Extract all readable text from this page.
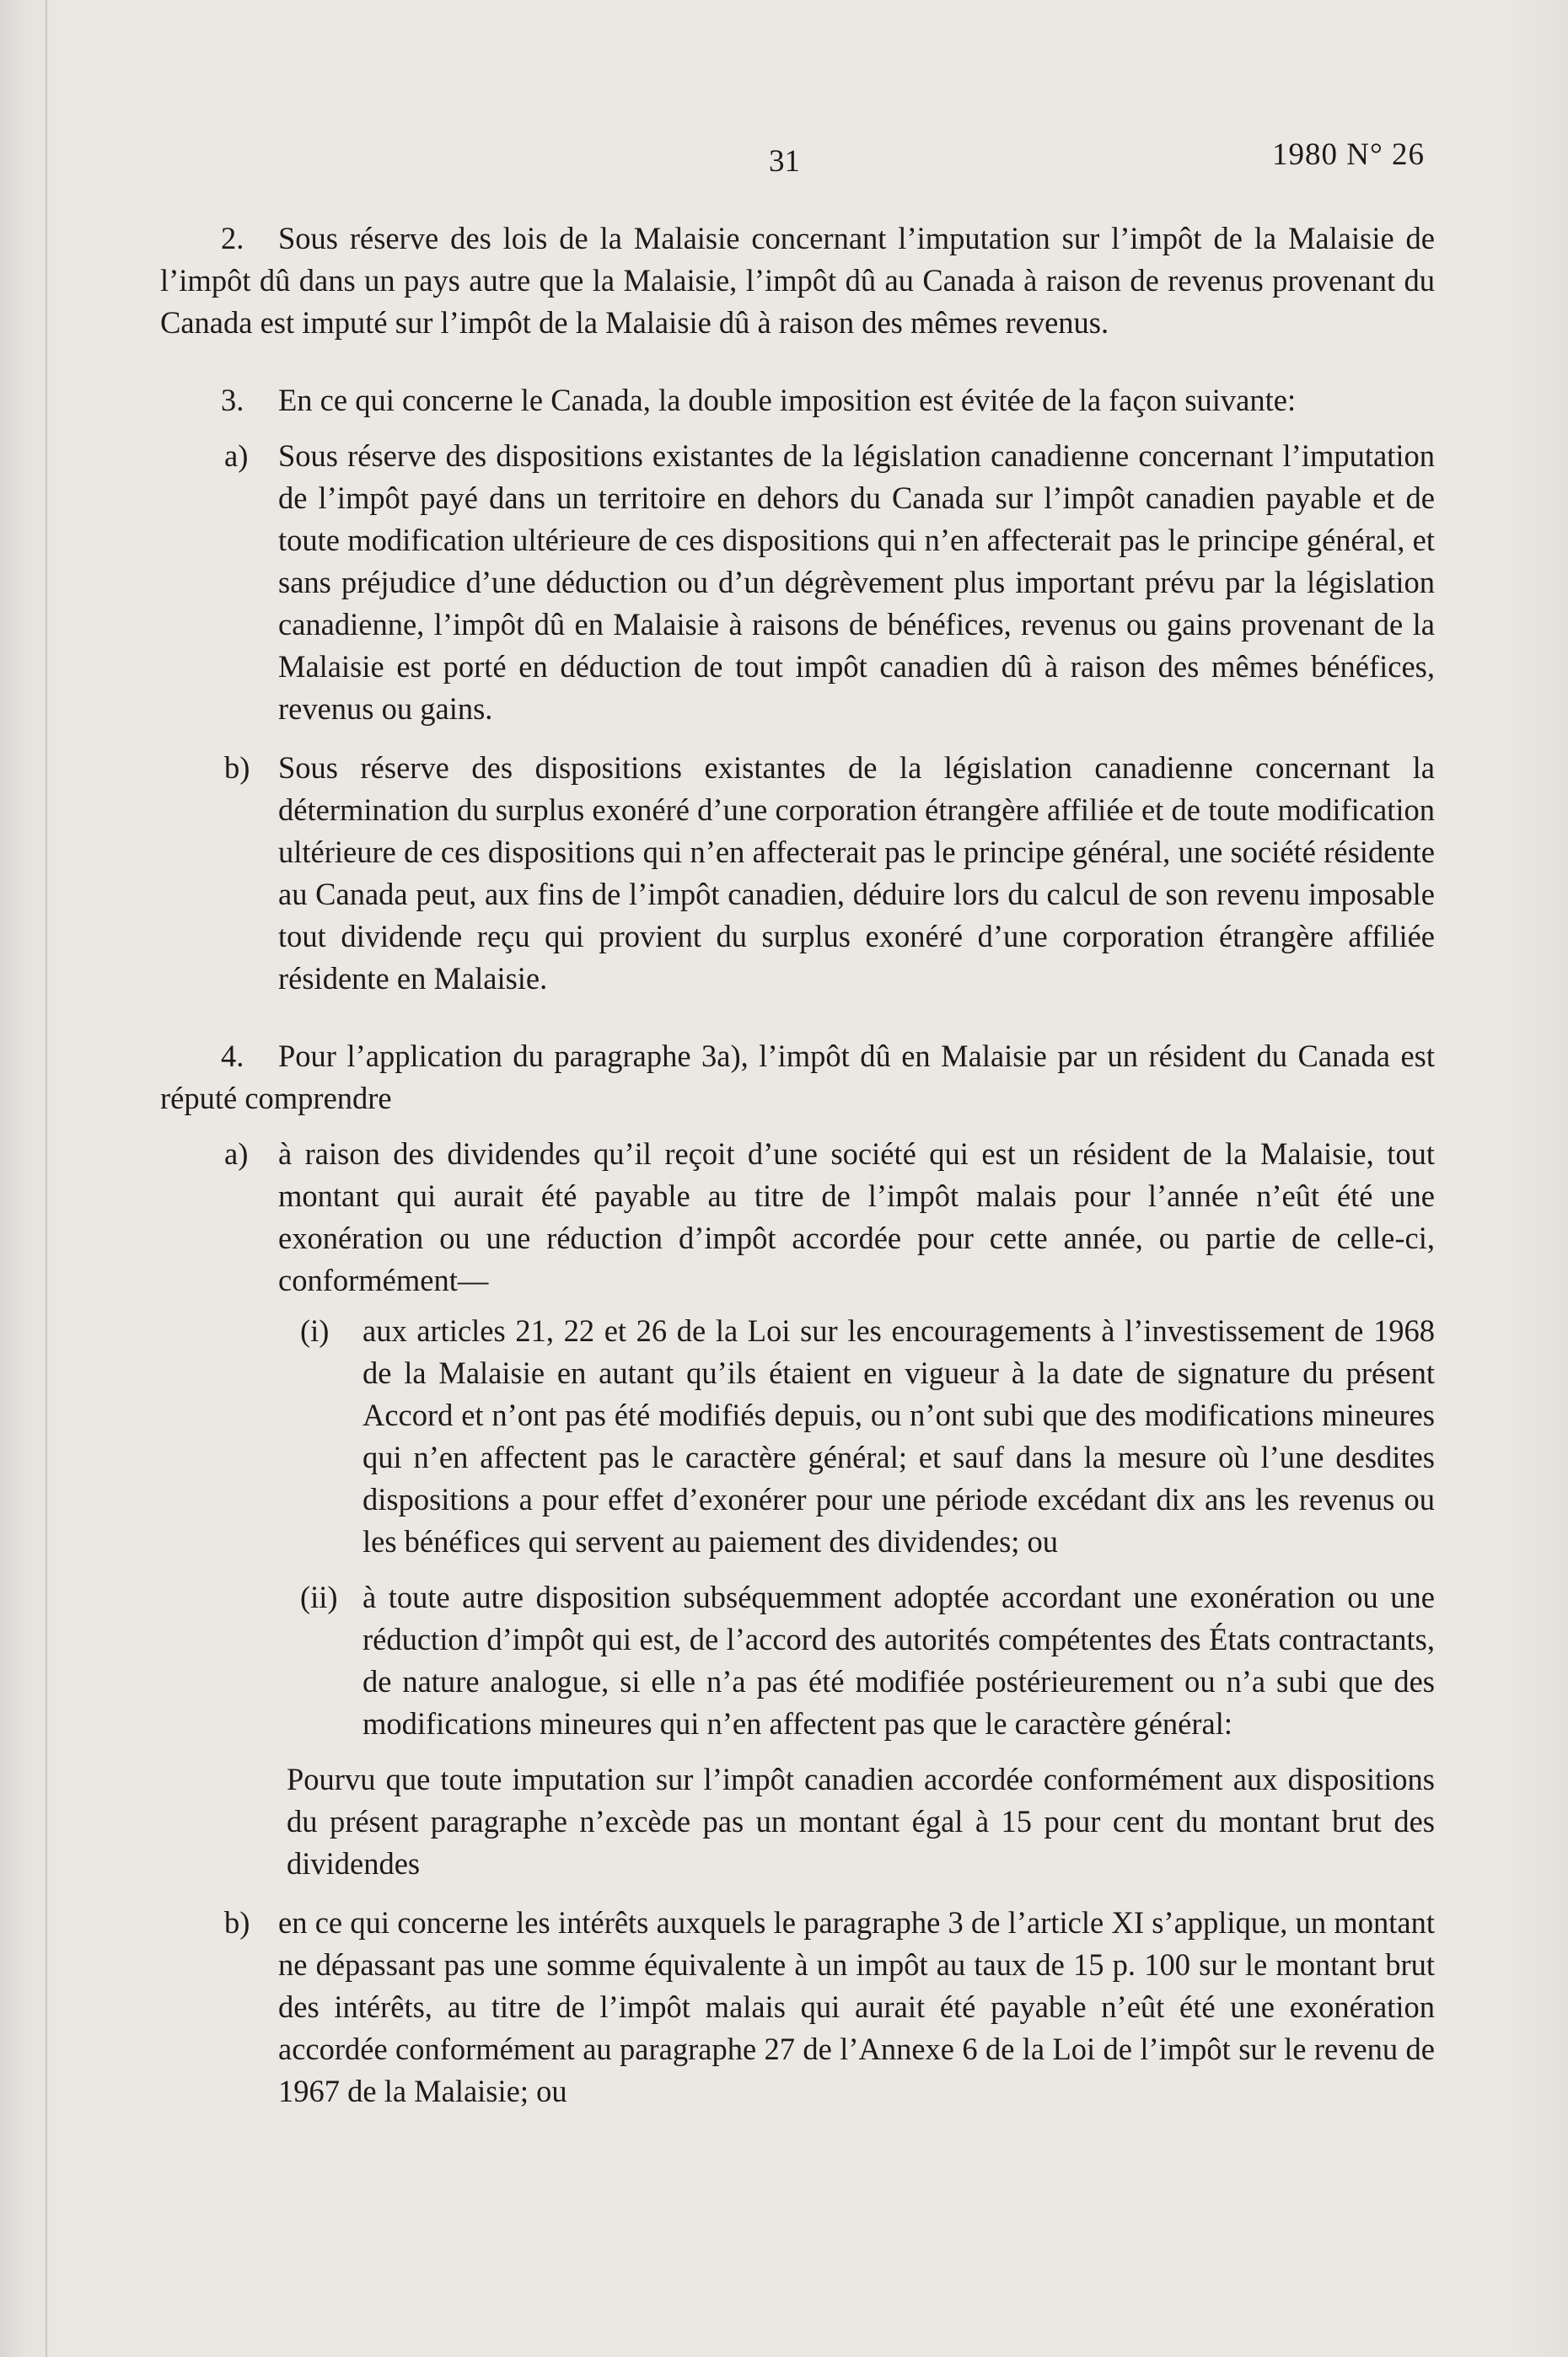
31	1980 N° 26

2. Sous réserve des lois de la Malaisie concernant l’imputation sur l’impôt de la Malaisie de l’impôt dû dans un pays autre que la Malaisie, l’impôt dû au Canada à raison de revenus provenant du Canada est imputé sur l’impôt de la Malaisie dû à raison des mêmes revenus.

3. En ce qui concerne le Canada, la double imposition est évitée de la façon suivante:

a) Sous réserve des dispositions existantes de la législation canadienne concernant l’imputation de l’impôt payé dans un territoire en dehors du Canada sur l’impôt canadien payable et de toute modification ultérieure de ces dispositions qui n’en affecterait pas le principe général, et sans préjudice d’une déduction ou d’un dégrèvement plus important prévu par la législation canadienne, l’impôt dû en Malaisie à raisons de bénéfices, revenus ou gains provenant de la Malaisie est porté en déduction de tout impôt canadien dû à raison des mêmes bénéfices, revenus ou gains.
b) Sous réserve des dispositions existantes de la législation canadienne concernant la détermination du surplus exonéré d’une corporation étrangère affiliée et de toute modification ultérieure de ces dispositions qui n’en affecterait pas le principe général, une société résidente au Canada peut, aux fins de l’impôt canadien, déduire lors du calcul de son revenu imposable tout dividende reçu qui provient du surplus exonéré d’une corporation étrangère affiliée résidente en Malaisie.

4. Pour l’application du paragraphe 3a), l’impôt dû en Malaisie par un résident du Canada est réputé comprendre

a) à raison des dividendes qu’il reçoit d’une société qui est un résident de la Malaisie, tout montant qui aurait été payable au titre de l’impôt malais pour l’année n’eût été une exonération ou une réduction d’impôt accordée pour cette année, ou partie de celle-ci, conformément—
(i) aux articles 21, 22 et 26 de la Loi sur les encouragements à l’investissement de 1968 de la Malaisie en autant qu’ils étaient en vigueur à la date de signature du présent Accord et n’ont pas été modifiés depuis, ou n’ont subi que des modifications mineures qui n’en affectent pas le caractère général; et sauf dans la mesure où l’une desdites dispositions a pour effet d’exonérer pour une période excédant dix ans les revenus ou les bénéfices qui servent au paiement des dividendes; ou
(ii) à toute autre disposition subséquemment adoptée accordant une exonération ou une réduction d’impôt qui est, de l’accord des autorités compétentes des États contractants, de nature analogue, si elle n’a pas été modifiée postérieurement ou n’a subi que des modifications mineures qui n’en affectent pas que le caractère général:

Pourvu que toute imputation sur l’impôt canadien accordée conformément aux dispositions du présent paragraphe n’excède pas un montant égal à 15 pour cent du montant brut des dividendes

b) en ce qui concerne les intérêts auxquels le paragraphe 3 de l’article XI s’applique, un montant ne dépassant pas une somme équivalente à un impôt au taux de 15 p. 100 sur le montant brut des intérêts, au titre de l’impôt malais qui aurait été payable n’eût été une exonération accordée conformément au paragraphe 27 de l’Annexe 6 de la Loi de l’impôt sur le revenu de 1967 de la Malaisie; ou
